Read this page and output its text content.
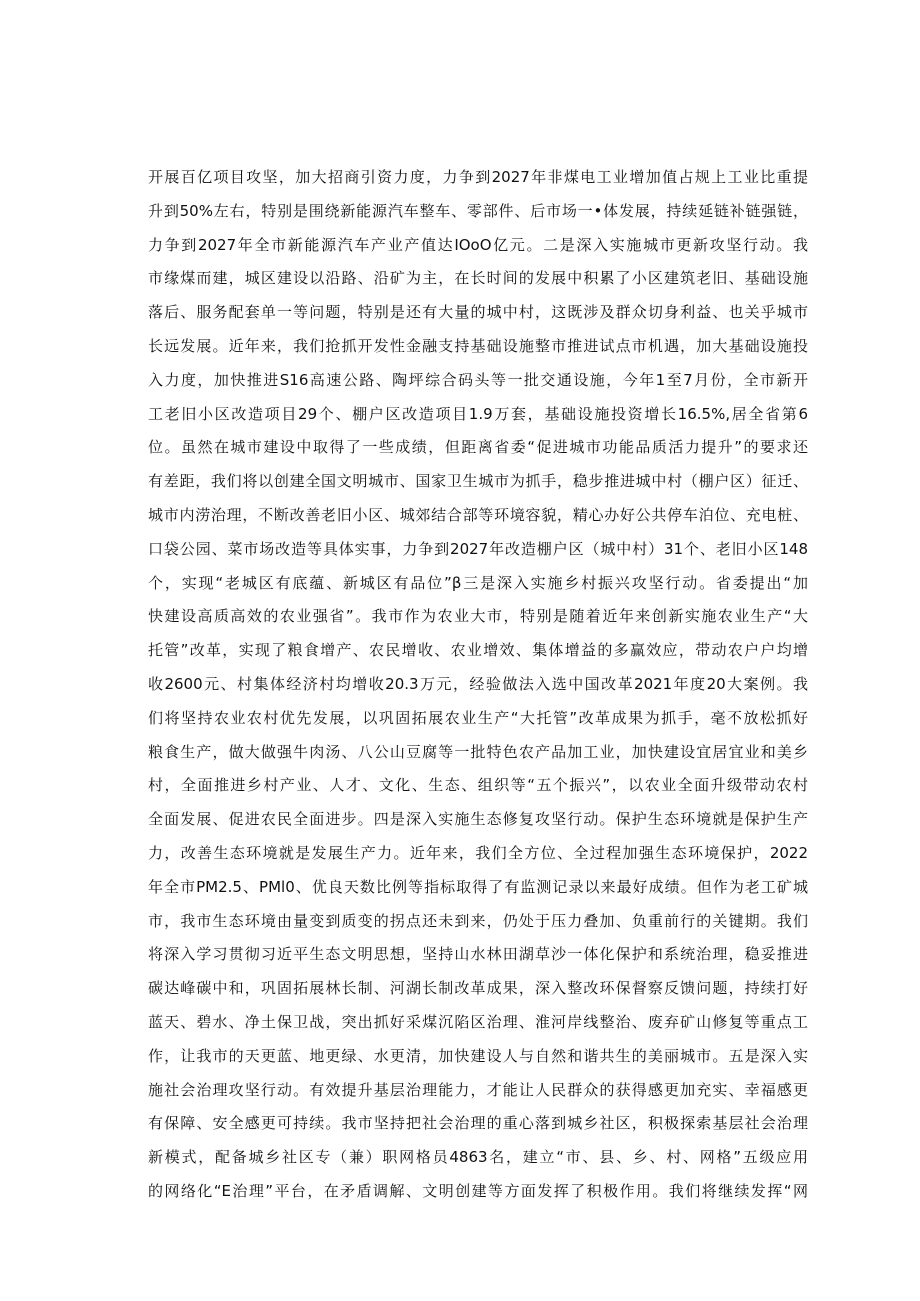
开展百亿项目攻坚，加大招商引资力度，力争到2027年非煤电工业增加值占规上工业比重提
升到50%左右，特别是围绕新能源汽车整车、零部件、后市场一•体发展，持续延链补链强链，
力争到2027年全市新能源汽车产业产值达IOoO亿元。二是深入实施城市更新攻坚行动。我
市缘煤而建，城区建设以沿路、沿矿为主，在长时间的发展中积累了小区建筑老旧、基础设施
落后、服务配套单一等问题，特别是还有大量的城中村，这既涉及群众切身利益、也关乎城市
长远发展。近年来，我们抢抓开发性金融支持基础设施整市推进试点市机遇，加大基础设施投
入力度，加快推进S16高速公路、陶坪综合码头等一批交通设施，今年1至7月份，全市新开
工老旧小区改造项目29个、棚户区改造项目1.9万套，基础设施投资增长16.5%,居全省第6
位。虽然在城市建设中取得了一些成绩，但距离省委“促进城市功能品质活力提升”的要求还
有差距，我们将以创建全国文明城市、国家卫生城市为抓手，稳步推进城中村（棚户区）征迁、
城市内涝治理，不断改善老旧小区、城郊结合部等环境容貌，精心办好公共停车泊位、充电桩、
口袋公园、菜市场改造等具体实事，力争到2027年改造棚户区（城中村）31个、老旧小区148
个，实现“老城区有底蕴、新城区有品位”β三是深入实施乡村振兴攻坚行动。省委提出“加
快建设高质高效的农业强省”。我市作为农业大市，特别是随着近年来创新实施农业生产“大
托管”改革，实现了粮食增产、农民增收、农业增效、集体增益的多赢效应，带动农户户均增
收2600元、村集体经济村均增收20.3万元，经验做法入选中国改革2021年度20大案例。我
们将坚持农业农村优先发展，以巩固拓展农业生产“大托管”改革成果为抓手，毫不放松抓好
粮食生产，做大做强牛肉汤、八公山豆腐等一批特色农产品加工业，加快建设宜居宜业和美乡
村，全面推进乡村产业、人才、文化、生态、组织等“五个振兴”，以农业全面升级带动农村
全面发展、促进农民全面进步。四是深入实施生态修复攻坚行动。保护生态环境就是保护生产
力，改善生态环境就是发展生产力。近年来，我们全方位、全过程加强生态环境保护，2022
年全市PM2.5、PMl0、优良天数比例等指标取得了有监测记录以来最好成绩。但作为老工矿城
市，我市生态环境由量变到质变的拐点还未到来，仍处于压力叠加、负重前行的关键期。我们
将深入学习贯彻习近平生态文明思想，坚持山水林田湖草沙一体化保护和系统治理，稳妥推进
碳达峰碳中和，巩固拓展林长制、河湖长制改革成果，深入整改环保督察反馈问题，持续打好
蓝天、碧水、净土保卫战，突出抓好采煤沉陷区治理、淮河岸线整治、废弃矿山修复等重点工
作，让我市的天更蓝、地更绿、水更清，加快建设人与自然和谐共生的美丽城市。五是深入实
施社会治理攻坚行动。有效提升基层治理能力，才能让人民群众的获得感更加充实、幸福感更
有保障、安全感更可持续。我市坚持把社会治理的重心落到城乡社区，积极探索基层社会治理
新模式，配备城乡社区专（兼）职网格员4863名，建立“市、县、乡、村、网格”五级应用
的网络化“E治理”平台，在矛盾调解、文明创建等方面发挥了积极作用。我们将继续发挥“网
